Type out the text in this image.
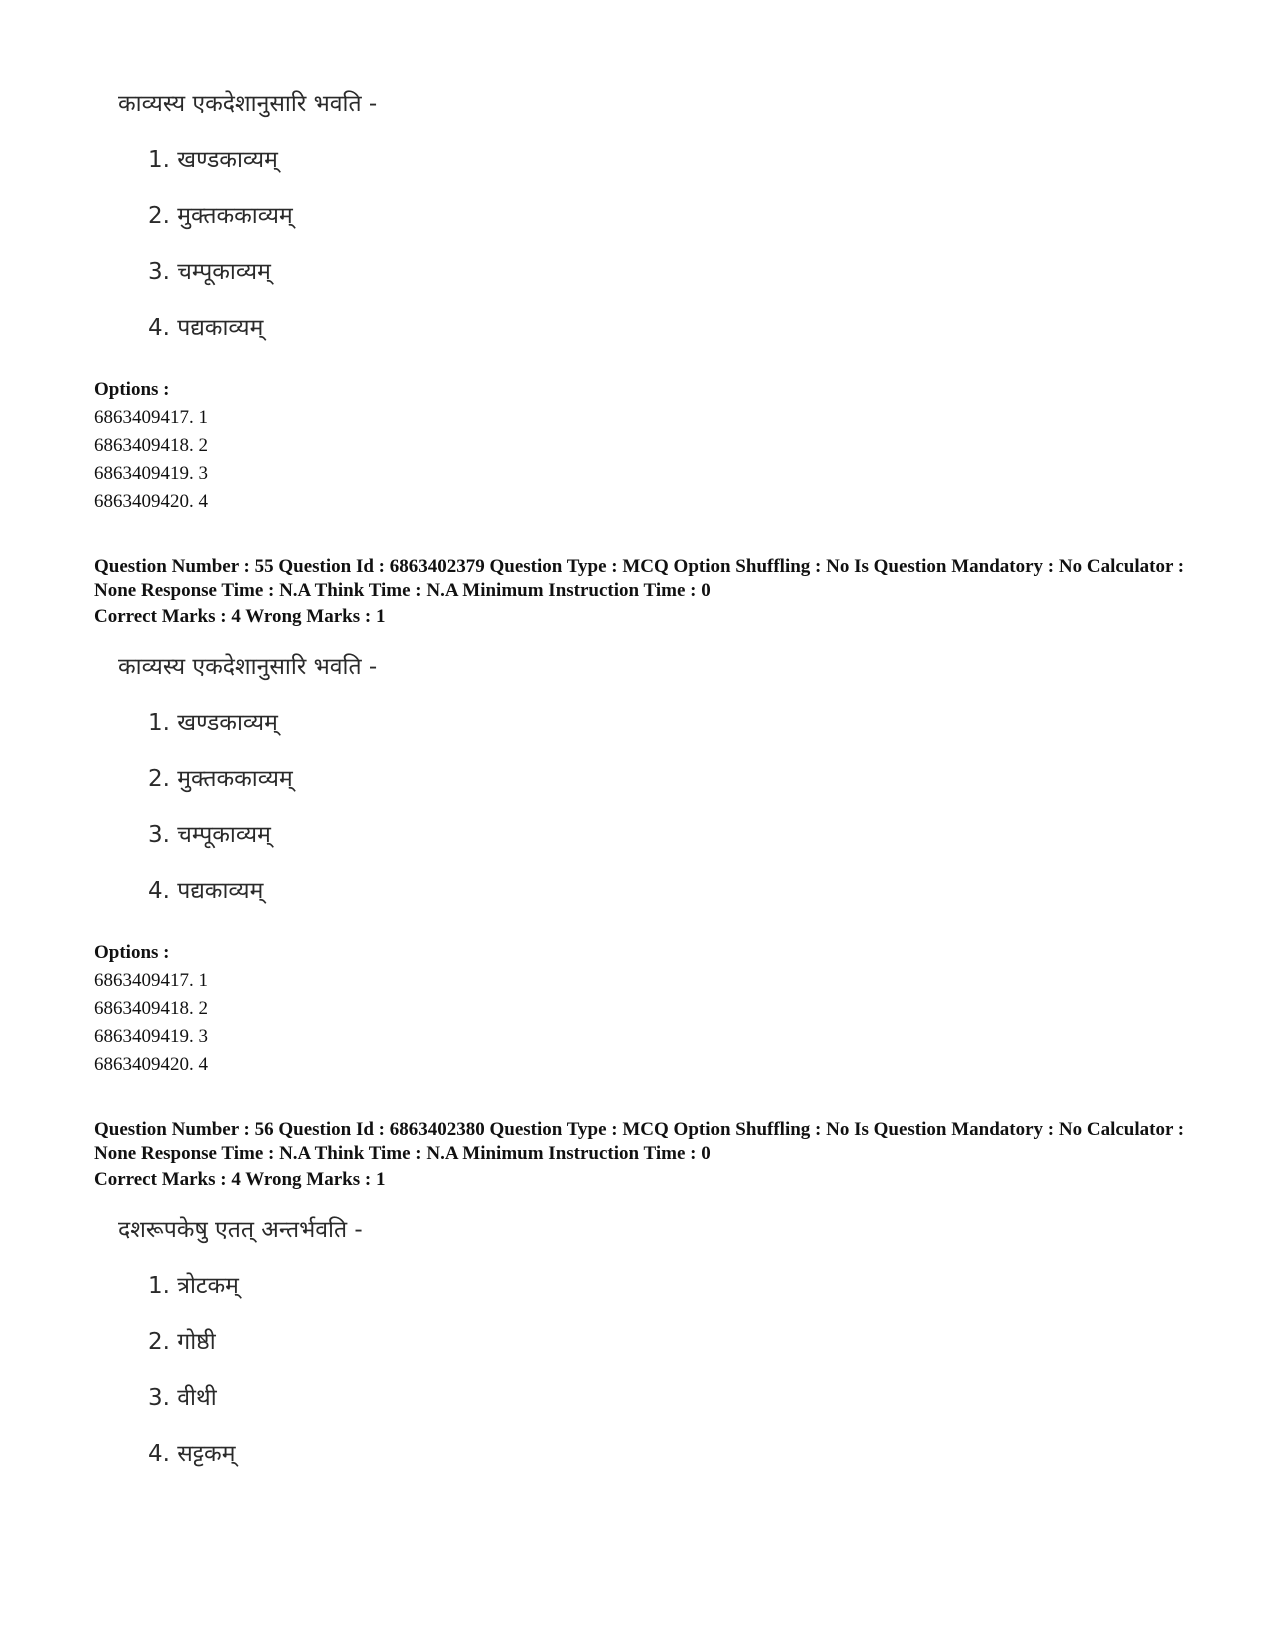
काव्यस्य एकदेशानुसारि भवति -
1. खण्डकाव्यम्
2. मुक्तककाव्यम्
3. चम्पूकाव्यम्
4. पद्यकाव्यम्
Options :
6863409417. 1
6863409418. 2
6863409419. 3
6863409420. 4
Question Number : 55 Question Id : 6863402379 Question Type : MCQ Option Shuffling : No Is Question Mandatory : No Calculator : None Response Time : N.A Think Time : N.A Minimum Instruction Time : 0
Correct Marks : 4 Wrong Marks : 1
काव्यस्य एकदेशानुसारि भवति -
1. खण्डकाव्यम्
2. मुक्तककाव्यम्
3. चम्पूकाव्यम्
4. पद्यकाव्यम्
Options :
6863409417. 1
6863409418. 2
6863409419. 3
6863409420. 4
Question Number : 56 Question Id : 6863402380 Question Type : MCQ Option Shuffling : No Is Question Mandatory : No Calculator : None Response Time : N.A Think Time : N.A Minimum Instruction Time : 0
Correct Marks : 4 Wrong Marks : 1
दशरूपकेषु एतत् अन्तर्भवति -
1. त्रोटकम्
2. गोष्ठी
3. वीथी
4. सट्टकम्
